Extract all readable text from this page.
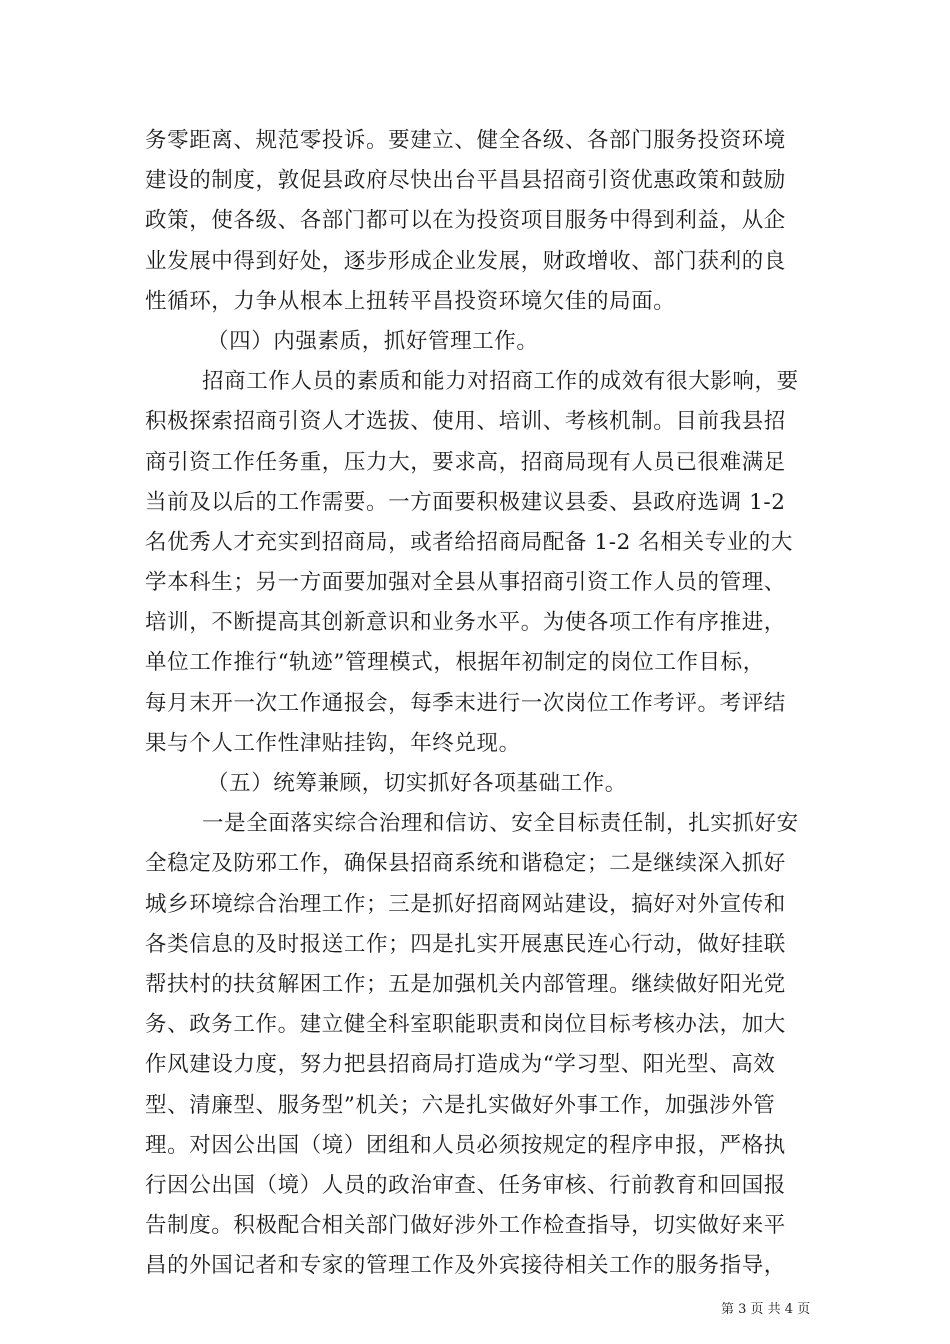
务零距离、规范零投诉。要建立、健全各级、各部门服务投资环境
建设的制度，敦促县政府尽快出台平昌县招商引资优惠政策和鼓励
政策，使各级、各部门都可以在为投资项目服务中得到利益，从企
业发展中得到好处，逐步形成企业发展，财政增收、部门获利的良
性循环，力争从根本上扭转平昌投资环境欠佳的局面。
（四）内强素质，抓好管理工作。
招商工作人员的素质和能力对招商工作的成效有很大影响，要
积极探索招商引资人才选拔、使用、培训、考核机制。目前我县招
商引资工作任务重，压力大，要求高，招商局现有人员已很难满足
当前及以后的工作需要。一方面要积极建议县委、县政府选调 1-2
名优秀人才充实到招商局，或者给招商局配备 1-2 名相关专业的大
学本科生；另一方面要加强对全县从事招商引资工作人员的管理、
培训，不断提高其创新意识和业务水平。为使各项工作有序推进，
单位工作推行“轨迹”管理模式，根据年初制定的岗位工作目标，
每月末开一次工作通报会，每季末进行一次岗位工作考评。考评结
果与个人工作性津贴挂钩，年终兑现。
（五）统筹兼顾，切实抓好各项基础工作。
一是全面落实综合治理和信访、安全目标责任制，扎实抓好安
全稳定及防邪工作，确保县招商系统和谐稳定；二是继续深入抓好
城乡环境综合治理工作；三是抓好招商网站建设，搞好对外宣传和
各类信息的及时报送工作；四是扎实开展惠民连心行动，做好挂联
帮扶村的扶贫解困工作；五是加强机关内部管理。继续做好阳光党
务、政务工作。建立健全科室职能职责和岗位目标考核办法，加大
作风建设力度，努力把县招商局打造成为“学习型、阳光型、高效
型、清廉型、服务型”机关；六是扎实做好外事工作，加强涉外管
理。对因公出国（境）团组和人员必须按规定的程序申报，严格执
行因公出国（境）人员的政治审查、任务审核、行前教育和回国报
告制度。积极配合相关部门做好涉外工作检查指导，切实做好来平
昌的外国记者和专家的管理工作及外宾接待相关工作的服务指导，
第 3 页 共 4 页
